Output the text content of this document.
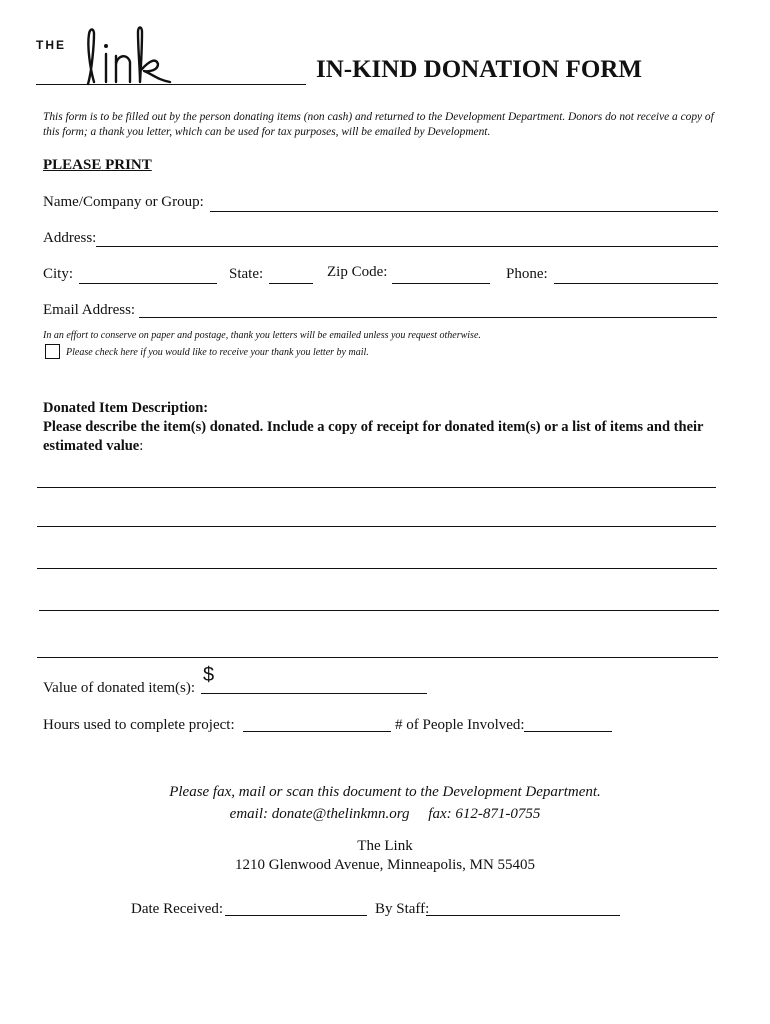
THE
IN-KIND DONATION FORM
This form is to be filled out by the person donating items (non cash) and returned to the Development Department. Donors do not receive a copy of this form; a thank you letter, which can be used for tax purposes, will be emailed by Development.
PLEASE PRINT
Name/Company or Group:
Address:
City:	State:	Zip Code:	Phone:
Email Address:
In an effort to conserve on paper and postage, thank you letters will be emailed unless you request otherwise.
Please check here if you would like to receive your thank you letter by mail.
Donated Item Description:
Please describe the item(s) donated. Include a copy of receipt for donated item(s) or a list of items and their estimated value:
Value of donated item(s):
$
Hours used to complete project:	# of People Involved:
Please fax, mail or scan this document to the Development Department.
email: donate@thelinkmn.org     fax: 612-871-0755
The Link
1210 Glenwood Avenue, Minneapolis, MN 55405
Date Received:	By Staff:
